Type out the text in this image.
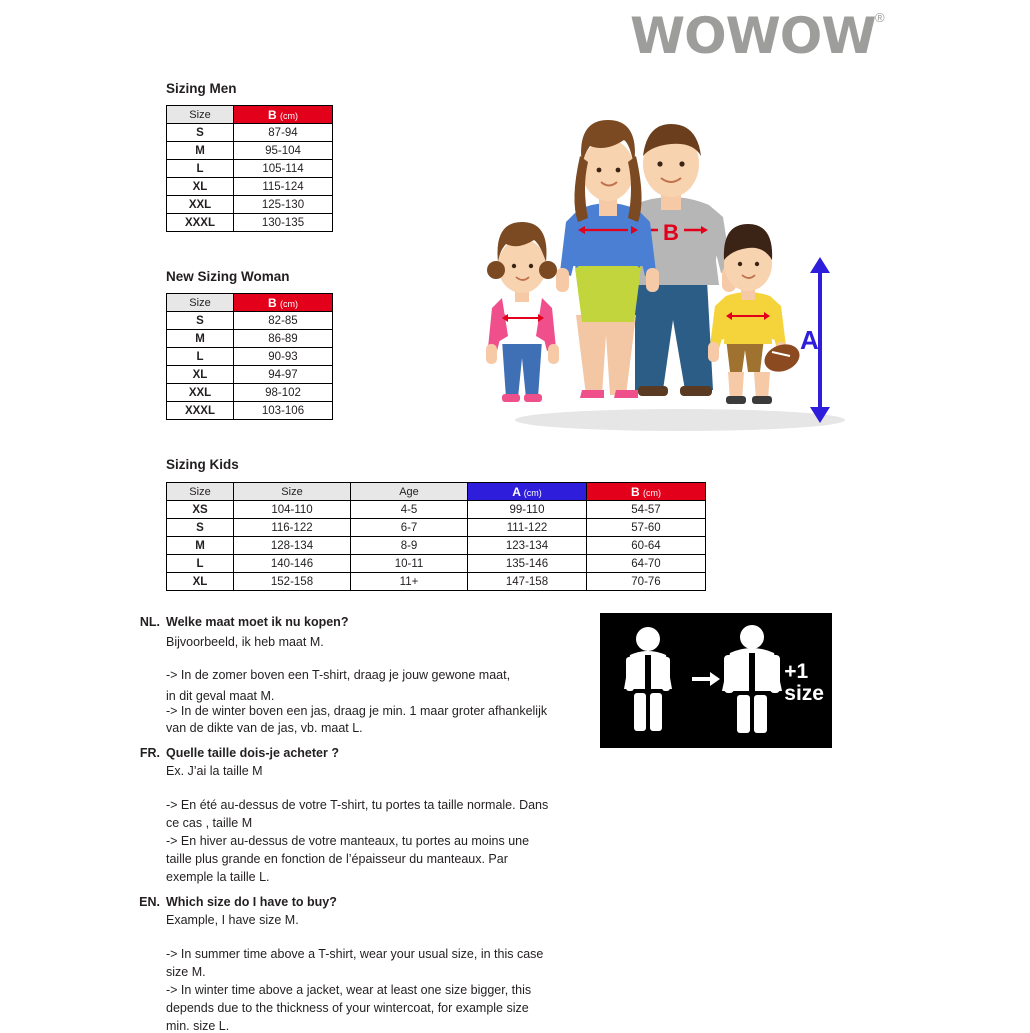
WOWOW ®
Sizing Men
Size	B (cm)
S	87-94
M	95-104
L	105-114
XL	115-124
XXL	125-130
XXXL	130-135
New Sizing Woman
Size	B (cm)
S	82-85
M	86-89
L	90-93
XL	94-97
XXL	98-102
XXXL	103-106
Sizing Kids
Size	Size	Age	A (cm)	B (cm)
XS	104-110	4-5	99-110	54-57
S	116-122	6-7	111-122	57-60
M	128-134	8-9	123-134	60-64
L	140-146	10-11	135-146	64-70
XL	152-158	11+	147-158	70-76
B
A
NL. Welke maat moet ik nu kopen?
Bijvoorbeeld, ik heb maat M.
-> In de zomer boven een T-shirt, draag je jouw gewone maat,
in dit geval maat M.
-> In de winter boven een jas, draag je min. 1 maar groter afhankelijk
van de dikte van de jas, vb. maat L.
FR. Quelle taille dois-je acheter ?
Ex. J’ai la taille M
-> En été au-dessus de votre T-shirt, tu portes ta taille normale. Dans
ce cas , taille M
-> En hiver au-dessus de votre manteaux, tu portes au moins une
taille plus grande en fonction de l’épaisseur du manteaux. Par
exemple la taille L.
EN. Which size do I have to buy?
Example, I have size M.
-> In summer time above a T-shirt, wear your usual size, in this case
size M.
-> In winter time above a jacket, wear at least one size bigger, this
depends due to the thickness of your wintercoat, for example size
min. size L.
+1
size
